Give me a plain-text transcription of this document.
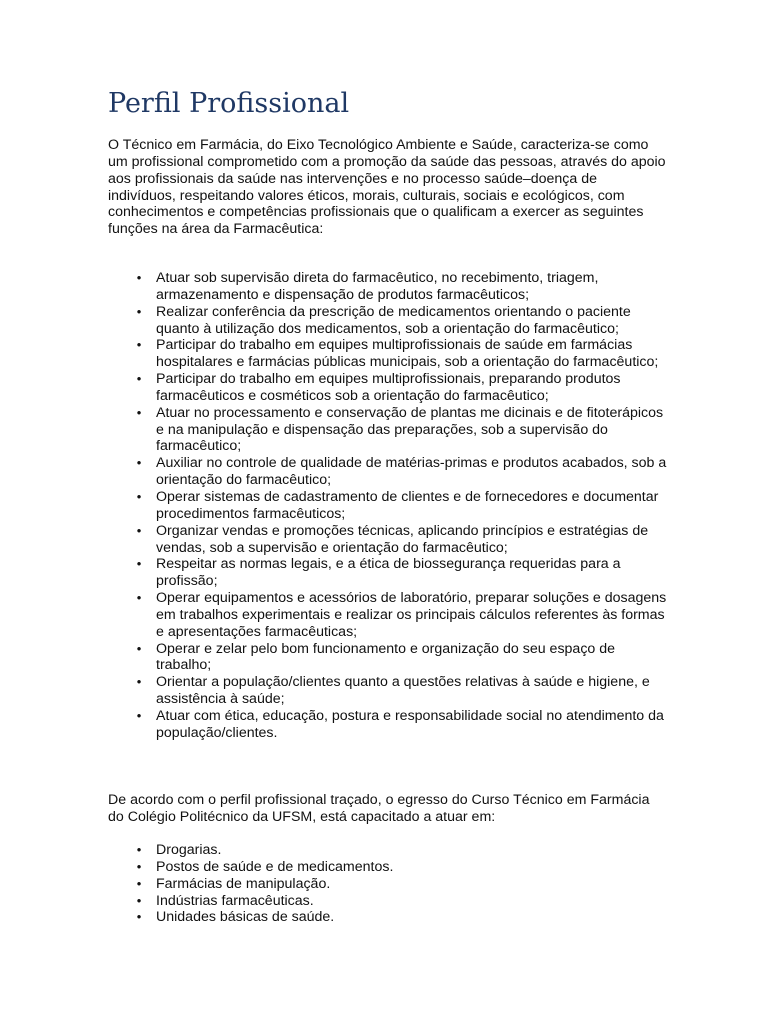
Perfil Profissional

O Técnico em Farmácia, do Eixo Tecnológico Ambiente e Saúde, caracteriza-se como um profissional comprometido com a promoção da saúde das pessoas, através do apoio aos profissionais da saúde nas intervenções e no processo saúde–doença de indivíduos, respeitando valores éticos, morais, culturais, sociais e ecológicos, com conhecimentos e competências profissionais que o qualificam a exercer as seguintes funções na área da Farmacêutica:

• Atuar sob supervisão direta do farmacêutico, no recebimento, triagem, armazenamento e dispensação de produtos farmacêuticos;
• Realizar conferência da prescrição de medicamentos orientando o paciente quanto à utilização dos medicamentos, sob a orientação do farmacêutico;
• Participar do trabalho em equipes multiprofissionais de saúde em farmácias hospitalares e farmácias públicas municipais, sob a orientação do farmacêutico;
• Participar do trabalho em equipes multiprofissionais, preparando produtos farmacêuticos e cosméticos sob a orientação do farmacêutico;
• Atuar no processamento e conservação de plantas me dicinais e de fitoterápicos e na manipulação e dispensação das preparações, sob a supervisão do farmacêutico;
• Auxiliar no controle de qualidade de matérias-primas e produtos acabados, sob a orientação do farmacêutico;
• Operar sistemas de cadastramento de clientes e de fornecedores e documentar procedimentos farmacêuticos;
• Organizar vendas e promoções técnicas, aplicando princípios e estratégias de vendas, sob a supervisão e orientação do farmacêutico;
• Respeitar as normas legais, e a ética de biossegurança requeridas para a profissão;
• Operar equipamentos e acessórios de laboratório, preparar soluções e dosagens em trabalhos experimentais e realizar os principais cálculos referentes às formas e apresentações farmacêuticas;
• Operar e zelar pelo bom funcionamento e organização do seu espaço de trabalho;
• Orientar a população/clientes quanto a questões relativas à saúde e higiene, e assistência à saúde;
• Atuar com ética, educação, postura e responsabilidade social no atendimento da população/clientes.

De acordo com o perfil profissional traçado, o egresso do Curso Técnico em Farmácia do Colégio Politécnico da UFSM, está capacitado a atuar em:

• Drogarias.
• Postos de saúde e de medicamentos.
• Farmácias de manipulação.
• Indústrias farmacêuticas.
• Unidades básicas de saúde.
